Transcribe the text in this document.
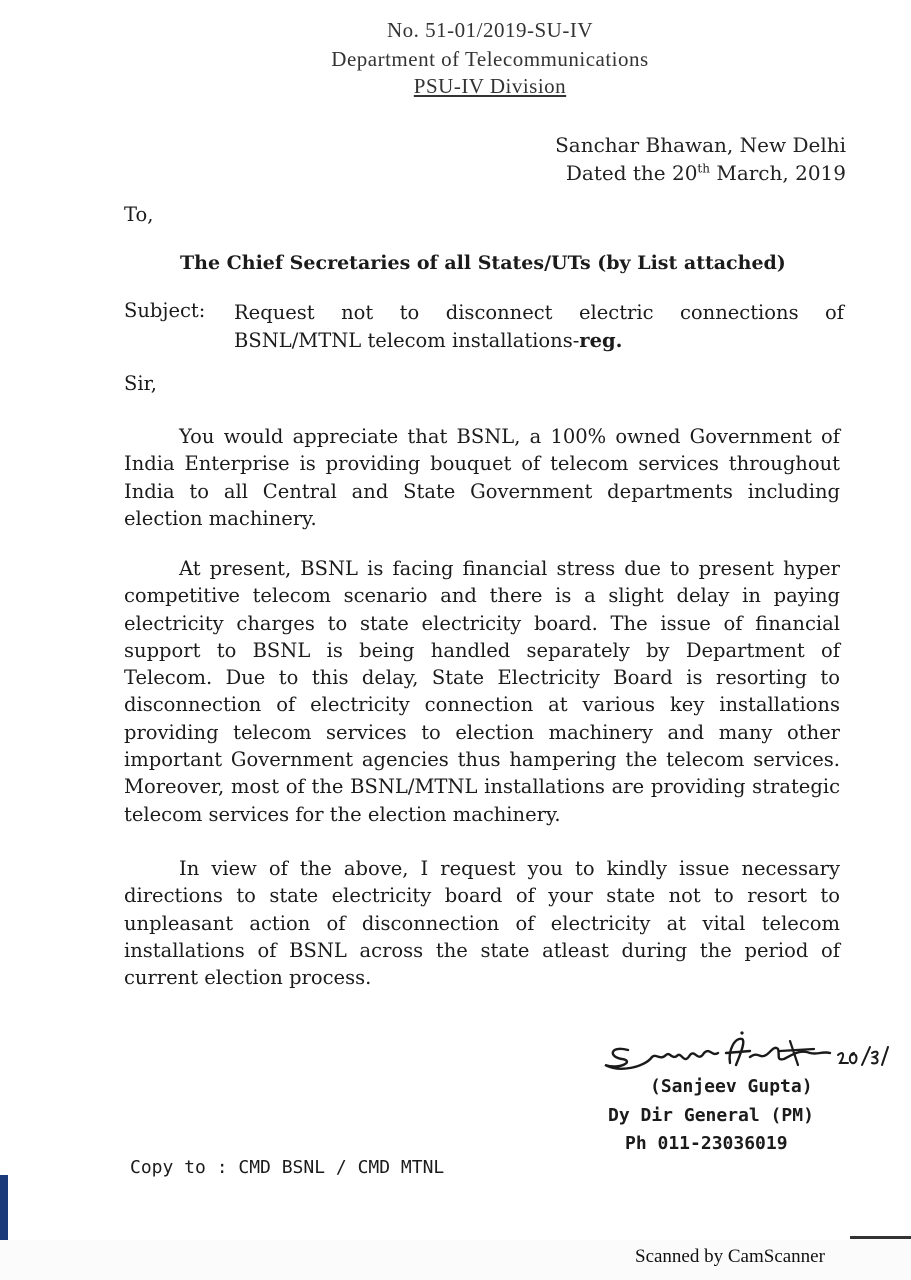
No. 51-01/2019-SU-IV
Department of Telecommunications
PSU-IV Division
Sanchar Bhawan, New Delhi
Dated the 20th March, 2019
To,
The Chief Secretaries of all States/UTs (by List attached)
Subject: Request not to disconnect electric connections of
BSNL/MTNL telecom installations-reg.
Sir,

You would appreciate that BSNL, a 100% owned Government of India Enterprise is providing bouquet of telecom services throughout India to all Central and State Government departments including election machinery.

At present, BSNL is facing financial stress due to present hyper competitive telecom scenario and there is a slight delay in paying electricity charges to state electricity board. The issue of financial support to BSNL is being handled separately by Department of Telecom. Due to this delay, State Electricity Board is resorting to disconnection of electricity connection at various key installations providing telecom services to election machinery and many other important Government agencies thus hampering the telecom services. Moreover, most of the BSNL/MTNL installations are providing strategic telecom services for the election machinery.

In view of the above, I request you to kindly issue necessary directions to state electricity board of your state not to resort to unpleasant action of disconnection of electricity at vital telecom installations of BSNL across the state atleast during the period of current election process.

(Sanjeev Gupta)
Dy Dir General (PM)
Ph 011-23036019
Copy to : CMD BSNL / CMD MTNL
Scanned by CamScanner
